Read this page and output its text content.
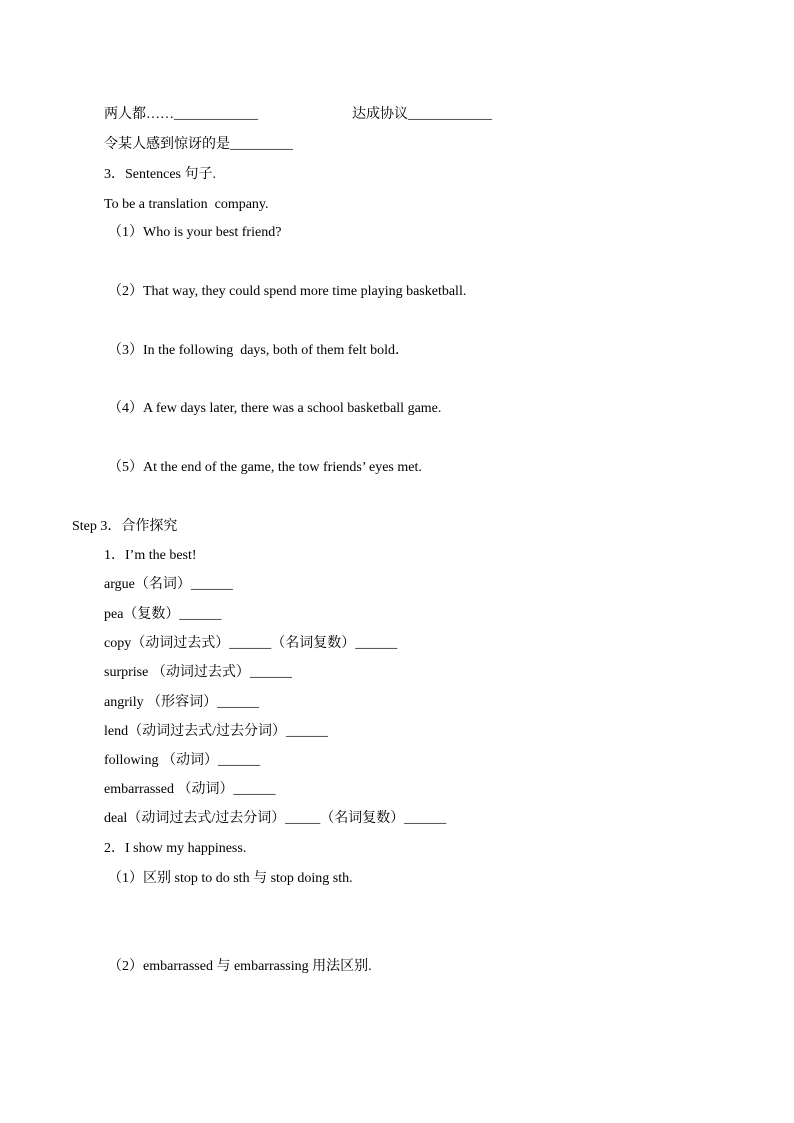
两人都……____________	达成协议____________
令某人感到惊讶的是_________
3．Sentences 句子.
To be a translation  company.
（1）Who is your best friend?
（2）That way, they could spend more time playing basketball.
（3）In the following  days, both of them felt bold．
（4）A few days later, there was a school basketball game.
（5）At the end of the game, the tow friends’ eyes met.
Step 3．合作探究
1．I’m the best!
argue（名词）______
pea（复数）______
copy（动词过去式）______（名词复数）______
surprise （动词过去式）______
angrily （形容词）______
lend（动词过去式/过去分词）______
following （动词）______
embarrassed （动词）______
deal（动词过去式/过去分词）_____（名词复数）______
2．I show my happiness.
（1）区别 stop to do sth 与 stop doing sth.
（2）embarrassed 与 embarrassing 用法区别.
